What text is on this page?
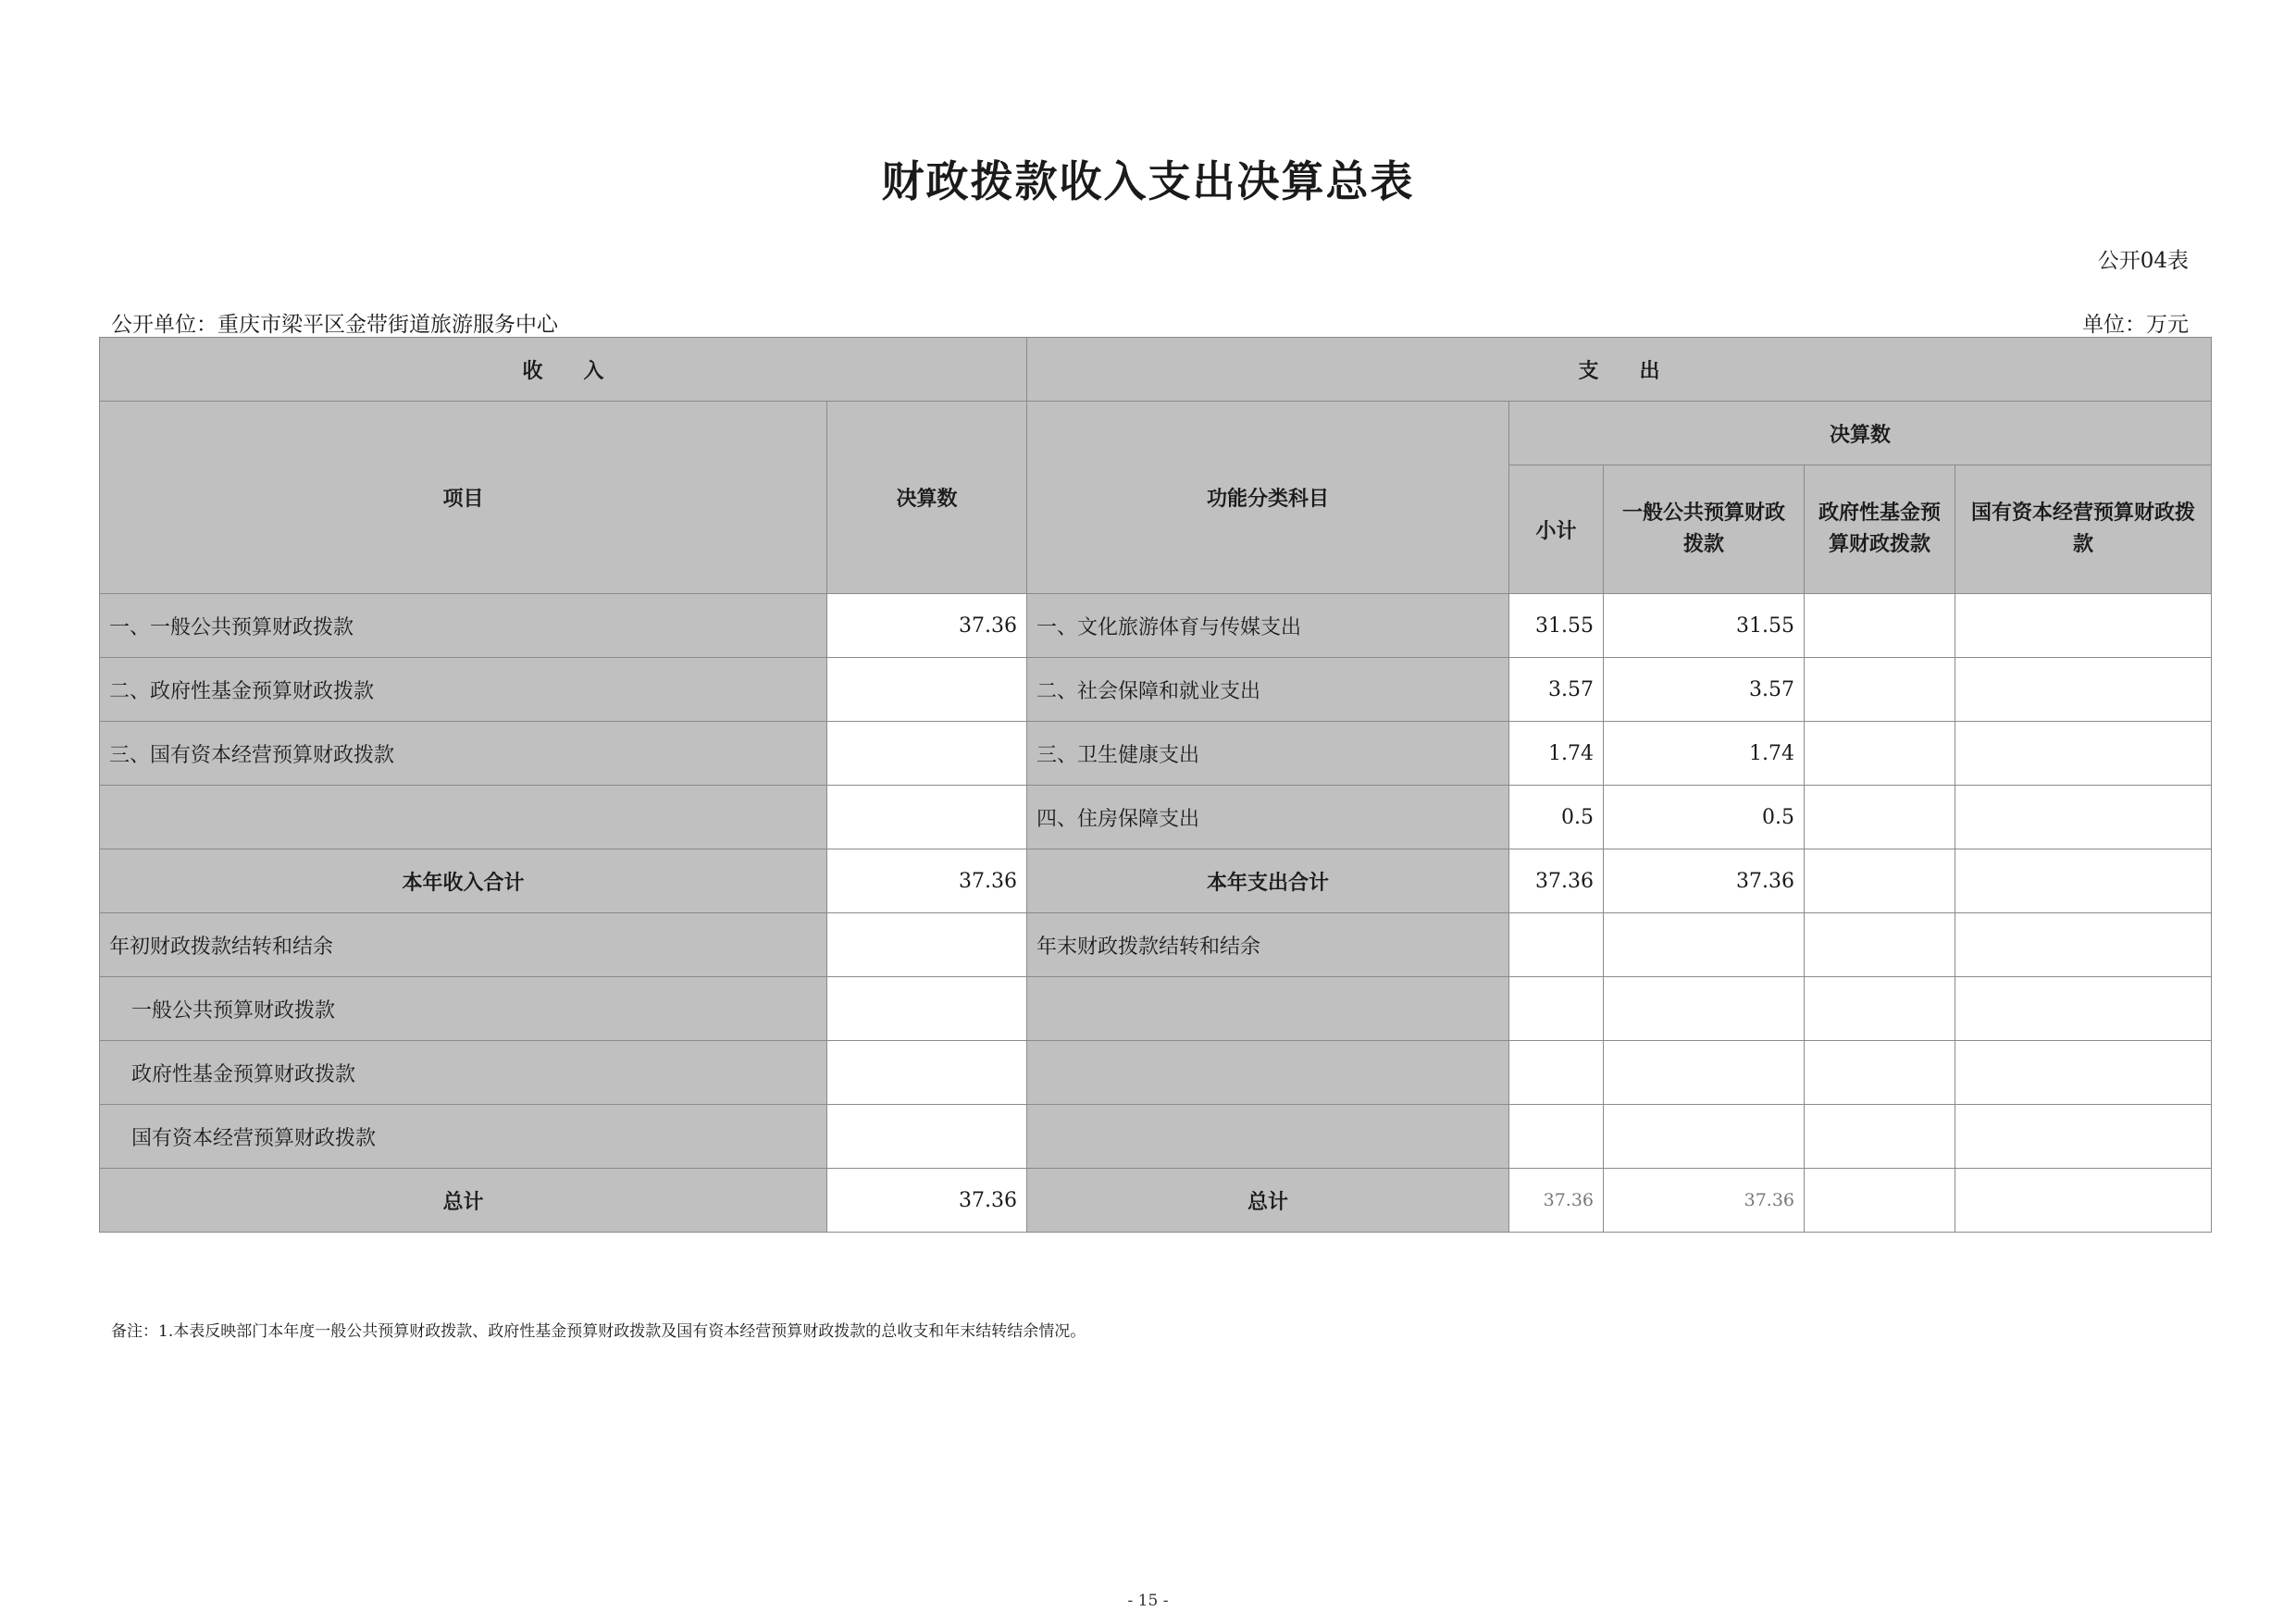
财政拨款收入支出决算总表
公开04表
公开单位：重庆市梁平区金带街道旅游服务中心	单位：万元
收　　入		支　　出				
项目	决算数	功能分类科目	决算数			
			小计	一般公共预算财政拨款	政府性基金预算财政拨款	国有资本经营预算财政拨款
一、一般公共预算财政拨款	37.36	一、文化旅游体育与传媒支出	31.55	31.55		
二、政府性基金预算财政拨款		二、社会保障和就业支出	3.57	3.57		
三、国有资本经营预算财政拨款		三、卫生健康支出	1.74	1.74		
		四、住房保障支出	0.5	0.5		
本年收入合计	37.36	本年支出合计	37.36	37.36		
年初财政拨款结转和结余		年末财政拨款结转和结余				
一般公共预算财政拨款						
政府性基金预算财政拨款						
国有资本经营预算财政拨款						
总计	37.36	总计	37.36	37.36		
备注：1.本表反映部门本年度一般公共预算财政拨款、政府性基金预算财政拨款及国有资本经营预算财政拨款的总收支和年末结转结余情况。
- 15 -
